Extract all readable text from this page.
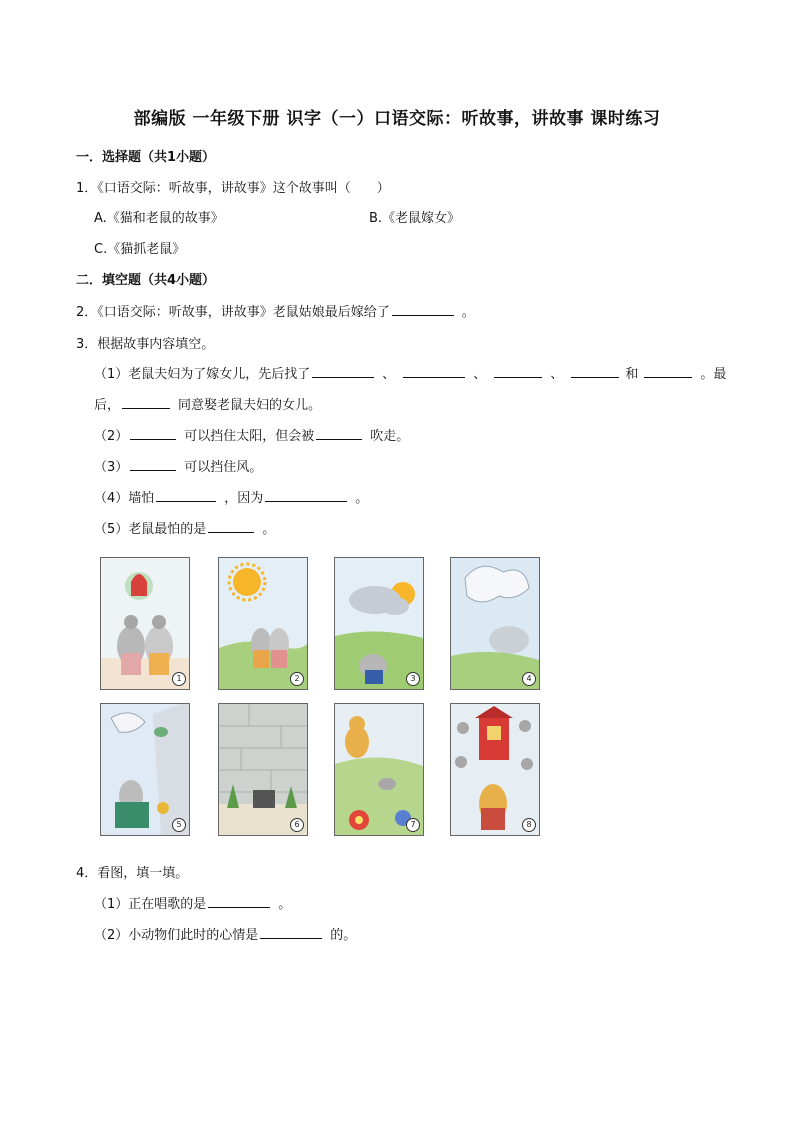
部编版 一年级下册 识字（一）口语交际：听故事，讲故事 课时练习
一．选择题（共1小题）
1．《口语交际：听故事，讲故事》这个故事叫（　　）
A.《猫和老鼠的故事》	B.《老鼠嫁女》
C.《猫抓老鼠》
二．填空题（共4小题）
2．《口语交际：听故事，讲故事》老鼠姑娘最后嫁给了	。
3．根据故事内容填空。
（1）老鼠夫妇为了嫁女儿，先后找了	、	、	、	和	。最
后，	同意娶老鼠夫妇的女儿。
（2）	可以挡住太阳，但会被	吹走。
（3）	可以挡住风。
（4）墙怕	，因为	。
（5）老鼠最怕的是	。
1	2	3	4
5	6	7	8
4．看图，填一填。
（1）正在唱歌的是	。
（2）小动物们此时的心情是	的。
